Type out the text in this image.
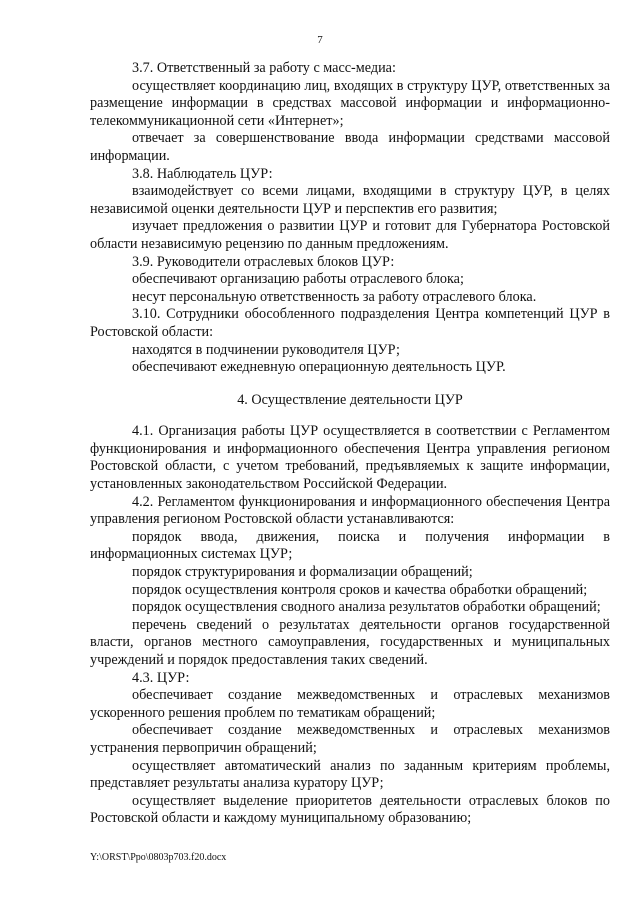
7

3.7. Ответственный за работу с масс-медиа:

осуществляет координацию лиц, входящих в структуру ЦУР, ответственных за размещение информации в средствах массовой информации и информационно-телекоммуникационной сети «Интернет»;

отвечает за совершенствование ввода информации средствами массовой информации.

3.8. Наблюдатель ЦУР:

взаимодействует со всеми лицами, входящими в структуру ЦУР, в целях независимой оценки деятельности ЦУР и перспектив его развития;

изучает предложения о развитии ЦУР и готовит для Губернатора Ростовской области независимую рецензию по данным предложениям.

3.9. Руководители отраслевых блоков ЦУР:

обеспечивают организацию работы отраслевого блока;

несут персональную ответственность за работу отраслевого блока.

3.10. Сотрудники обособленного подразделения Центра компетенций ЦУР в Ростовской области:

находятся в подчинении руководителя ЦУР;

обеспечивают ежедневную операционную деятельность ЦУР.

4. Осуществление деятельности ЦУР

4.1. Организация работы ЦУР осуществляется в соответствии с Регламентом функционирования и информационного обеспечения Центра управления регионом Ростовской области, с учетом требований, предъявляемых к защите информации, установленных законодательством Российской Федерации.

4.2. Регламентом функционирования и информационного обеспечения Центра управления регионом Ростовской области устанавливаются:

порядок ввода, движения, поиска и получения информации в информационных системах ЦУР;

порядок структурирования и формализации обращений;

порядок осуществления контроля сроков и качества обработки обращений;

порядок осуществления сводного анализа результатов обработки обращений;

перечень сведений о результатах деятельности органов государственной власти, органов местного самоуправления, государственных и муниципальных учреждений и порядок предоставления таких сведений.

4.3. ЦУР:

обеспечивает создание межведомственных и отраслевых механизмов ускоренного решения проблем по тематикам обращений;

обеспечивает создание межведомственных и отраслевых механизмов устранения первопричин обращений;

осуществляет автоматический анализ по заданным критериям проблемы, представляет результаты анализа куратору ЦУР;

осуществляет выделение приоритетов деятельности отраслевых блоков по Ростовской области и каждому муниципальному образованию;

Y:\ORST\Ppo\0803p703.f20.docx
